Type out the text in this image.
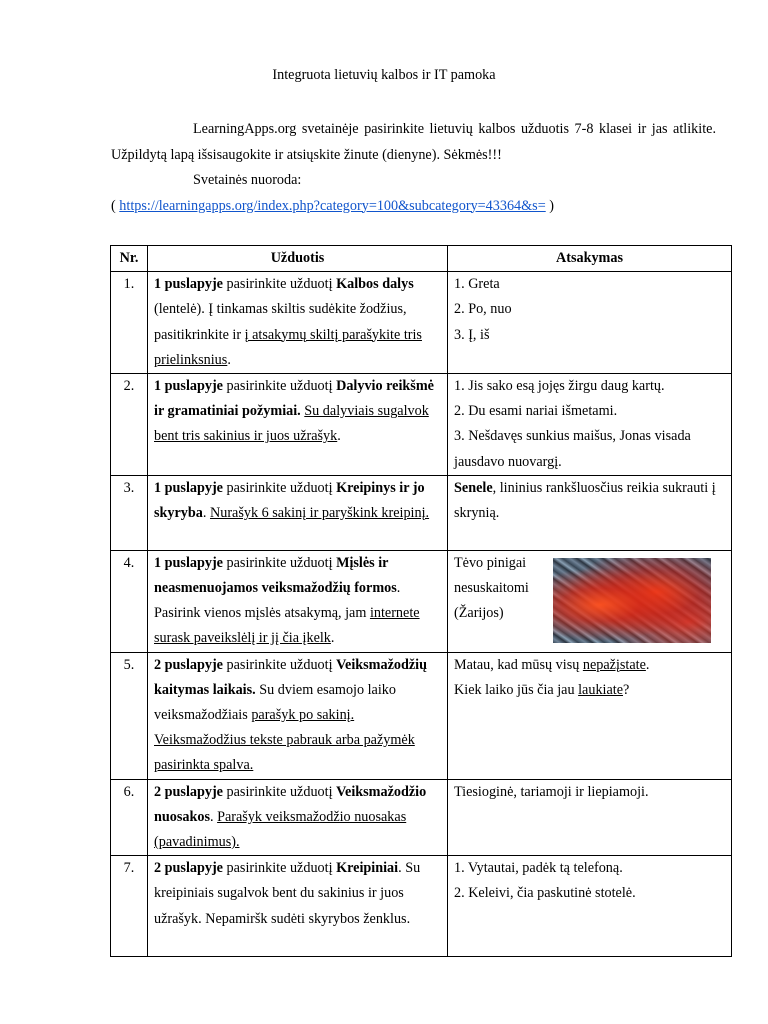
Integruota lietuvių kalbos ir IT pamoka

LearningApps.org svetainėje pasirinkite lietuvių kalbos užduotis 7-8 klasei ir jas atlikite. Užpildytą lapą išsisaugokite ir atsiųskite žinute (dienyne). Sėkmės!!!

Svetainės nuoroda:

( https://learningapps.org/index.php?category=100&subcategory=43364&s= )

Nr.	Užduotis	Atsakymas
1.	1 puslapyje pasirinkite užduotį Kalbos dalys (lentelė). Į tinkamas skiltis sudėkite žodžius, pasitikrinkite ir į atsakymų skiltį parašykite tris prielinksnius.	1. Greta
2. Po, nuo
3. Į, iš

2.	1 puslapyje pasirinkite užduotį Dalyvio reikšmė ir gramatiniai požymiai. Su dalyviais sugalvok bent tris sakinius ir juos užrašyk.	1. Jis sako esą jojęs žirgu daug kartų.
2. Du esami nariai išmetami.
3. Nešdavęs sunkius maišus, Jonas visada jausdavo nuovargį.

3.	1 puslapyje pasirinkite užduotį Kreipinys ir jo skyryba. Nurašyk 6 sakinį ir paryškink kreipinį.	Senele, lininius rankšluosčius reikia sukrauti į skrynią.
4.	1 puslapyje pasirinkite užduotį Mįslės ir neasmenuojamos veiksmažodžių formos. Pasirink vienos mįslės atsakymą, jam internete surask paveikslėlį ir jį čia įkelk.	Tėvo pinigai
nesuskaitomi
(Žarijos)

5.	2 puslapyje pasirinkite užduotį Veiksmažodžių kaitymas laikais. Su dviem esamojo laiko veiksmažodžiais parašyk po sakinį. Veiksmažodžius tekste pabrauk arba pažymėk pasirinkta spalva.	Matau, kad mūsų visų nepažįstate.
Kiek laiko jūs čia jau laukiate?

6.	2 puslapyje pasirinkite užduotį Veiksmažodžio nuosakos. Parašyk veiksmažodžio nuosakas (pavadinimus).	Tiesioginė, tariamoji ir liepiamoji.

7.	2 puslapyje pasirinkite užduotį Kreipiniai. Su kreipiniais sugalvok bent du sakinius ir juos užrašyk. Nepamiršk sudėti skyrybos ženklus.	1. Vytautai, padėk tą telefoną.
2. Keleivi, čia paskutinė stotelė.
